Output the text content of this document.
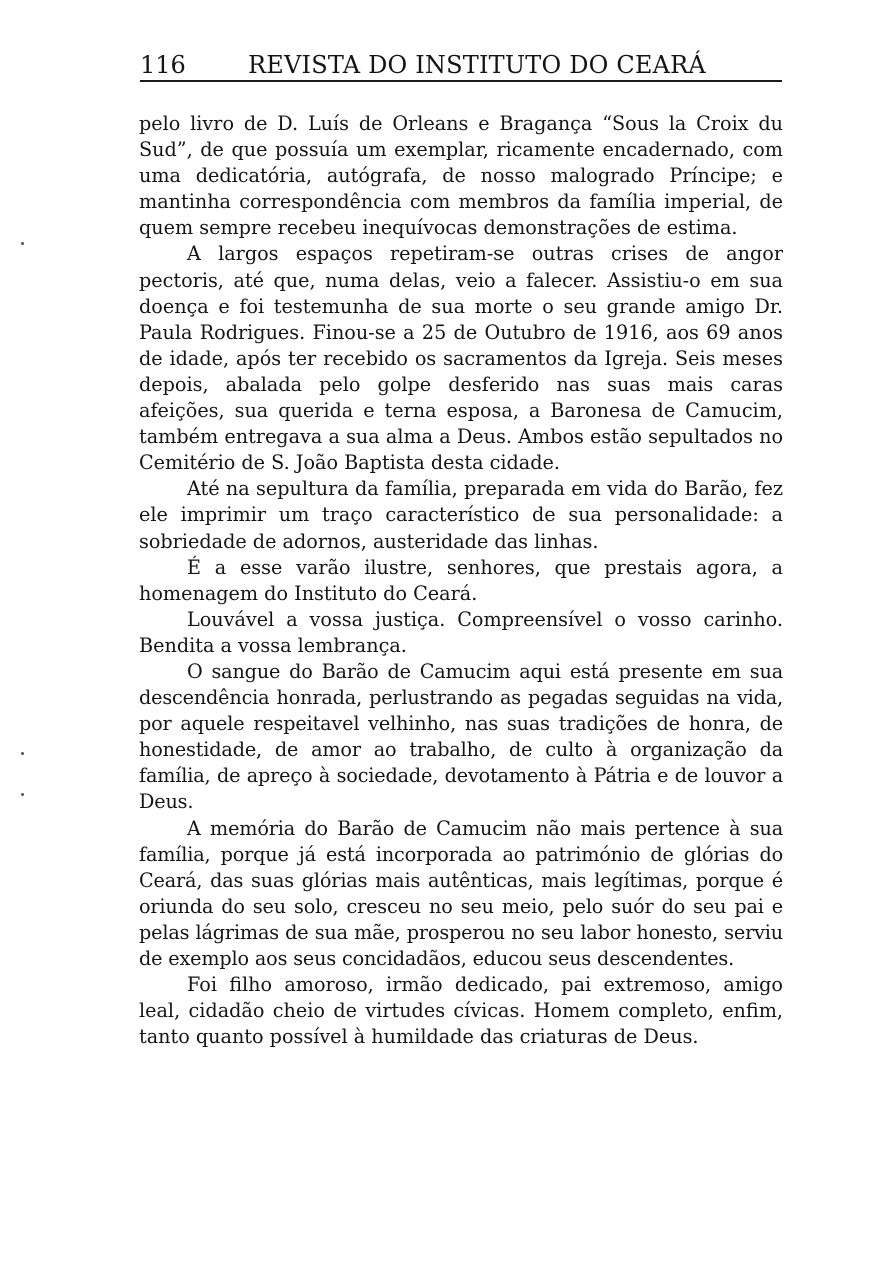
116	REVISTA DO INSTITUTO DO CEARÁ

pelo livro de D. Luís de Orleans e Bragança “Sous la Croix du Sud”, de que possuía um exemplar, ricamente encadernado, com uma dedicatória, autógrafa, de nosso malogrado Príncipe; e mantinha correspondência com membros da família imperial, de quem sempre recebeu inequívocas demonstrações de estima.

A largos espaços repetiram-se outras crises de angor pectoris, até que, numa delas, veio a falecer. Assistiu-o em sua doença e foi testemunha de sua morte o seu grande amigo Dr. Paula Rodrigues. Finou-se a 25 de Outubro de 1916, aos 69 anos de idade, após ter recebido os sacramentos da Igreja. Seis meses depois, abalada pelo golpe desferido nas suas mais caras afeições, sua querida e terna esposa, a Baronesa de Camucim, também entregava a sua alma a Deus. Ambos estão sepultados no Cemitério de S. João Baptista desta cidade.

Até na sepultura da família, preparada em vida do Barão, fez ele imprimir um traço característico de sua personalidade: a sobriedade de adornos, austeridade das linhas.

É a esse varão ilustre, senhores, que prestais agora, a homenagem do Instituto do Ceará.

Louvável a vossa justiça. Compreensível o vosso carinho. Bendita a vossa lembrança.

O sangue do Barão de Camucim aqui está presente em sua descendência honrada, perlustrando as pegadas seguidas na vida, por aquele respeitavel velhinho, nas suas tradições de honra, de honestidade, de amor ao trabalho, de culto à organização da família, de apreço à sociedade, devotamento à Pátria e de louvor a Deus.

A memória do Barão de Camucim não mais pertence à sua família, porque já está incorporada ao património de glórias do Ceará, das suas glórias mais autênticas, mais legítimas, porque é oriunda do seu solo, cresceu no seu meio, pelo suór do seu pai e pelas lágrimas de sua mãe, prosperou no seu labor honesto, serviu de exemplo aos seus concidadãos, educou seus descendentes.

Foi filho amoroso, irmão dedicado, pai extremoso, amigo leal, cidadão cheio de virtudes cívicas. Homem completo, enfim, tanto quanto possível à humildade das criaturas de Deus.
